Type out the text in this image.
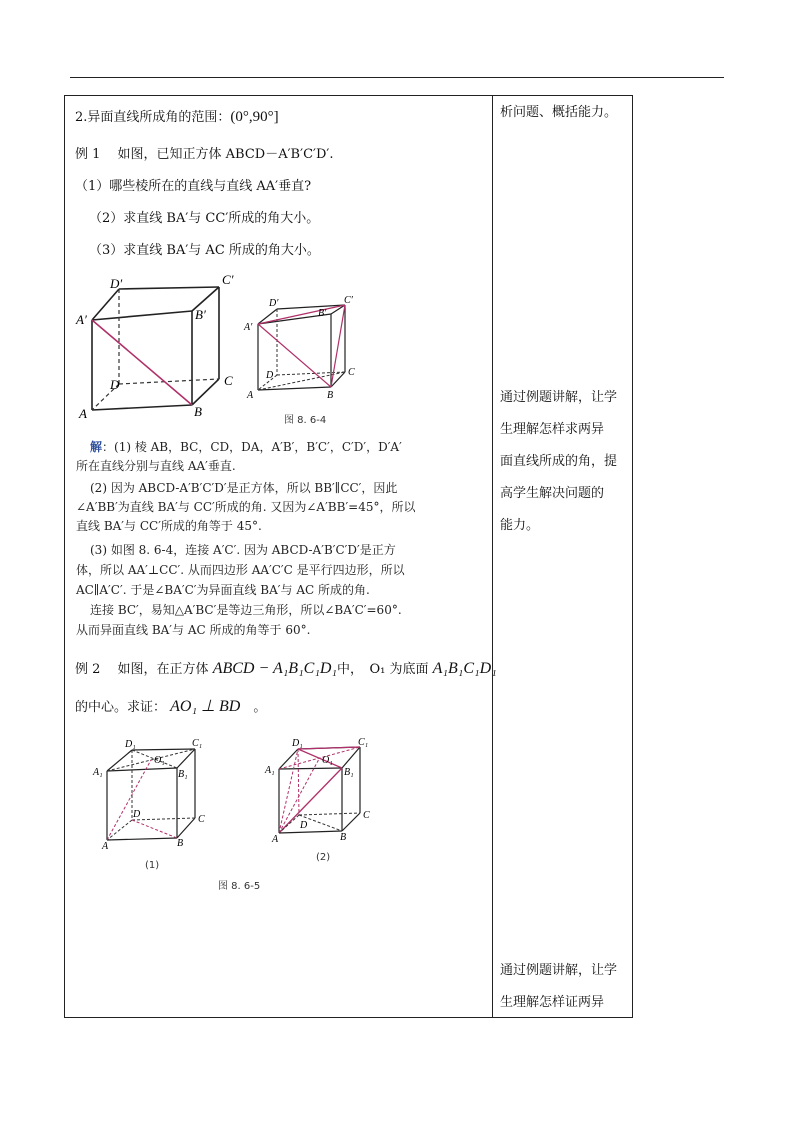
2.异面直线所成角的范围：(0°,90°]
例 1　 如图，已知正方体 ABCD－A′B′C′D′.
（1）哪些棱所在的直线与直线 AA′垂直?
（2）求直线 BA′与 CC′所成的角大小。
（3）求直线 BA′与 AC 所成的角大小。
D′	C′
A′	B′
D	C
A	B
D′	C′
A′
B′
D	C
A	B
图 8. 6-4
解：(1) 棱 AB，BC，CD，DA，A′B′，B′C′，C′D′，D′A′
所在直线分别与直线 AA′垂直.
(2) 因为 ABCD-A′B′C′D′是正方体，所以 BB′∥CC′，因此
∠A′BB′为直线 BA′与 CC′所成的角. 又因为∠A′BB′=45°，所以
直线 BA′与 CC′所成的角等于 45°.
(3) 如图 8. 6-4，连接 A′C′. 因为 ABCD-A′B′C′D′是正方
体，所以 AA′⊥CC′. 从而四边形 AA′C′C 是平行四边形，所以
AC∥A′C′. 于是∠BA′C′为异面直线 BA′与 AC 所成的角.
连接 BC′，易知△A′BC′是等边三角形，所以∠BA′C′=60°.
从而异面直线 BA′与 AC 所成的角等于 60°.
例 2　 如图，在正方体 ABCD − A₁B₁C₁D₁中，　O₁ 为底面 A₁B₁C₁D₁
的中心。求证： AO₁ ⊥ BD　。
D₁	C₁
A₁	B₁
O₁
D	C
A	B
(1)
D₁	C₁
A₁	B₁
O₁
D
C
A	B
(2)
图 8. 6-5
析问题、概括能力。
通过例题讲解，让学
生理解怎样求两异
面直线所成的角，提
高学生解决问题的
能力。
通过例题讲解，让学
生理解怎样证两异
